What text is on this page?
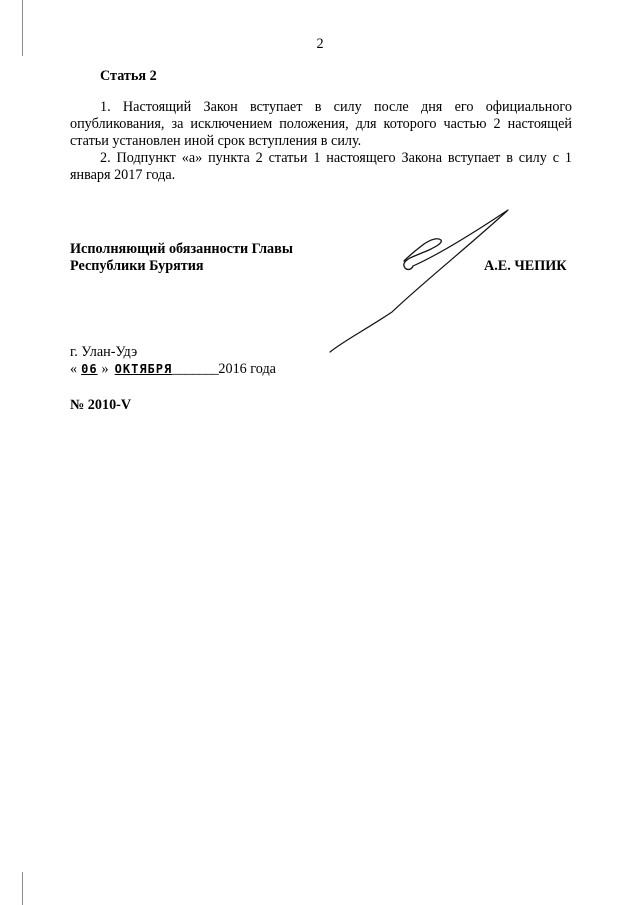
2
Статья 2

1. Настоящий Закон вступает в силу после дня его официального опубликования, за исключением положения, для которого частью 2 настоящей статьи установлен иной срок вступления в силу.

2. Подпункт «а» пункта 2 статьи 1 настоящего Закона вступает в силу с 1 января 2017 года.

Исполняющий обязанности Главы
Республики Бурятия	А.Е. ЧЕПИК
г. Улан-Удэ
« 06 » ОКТЯБРЯ_______2016 года
№ 2010-V
